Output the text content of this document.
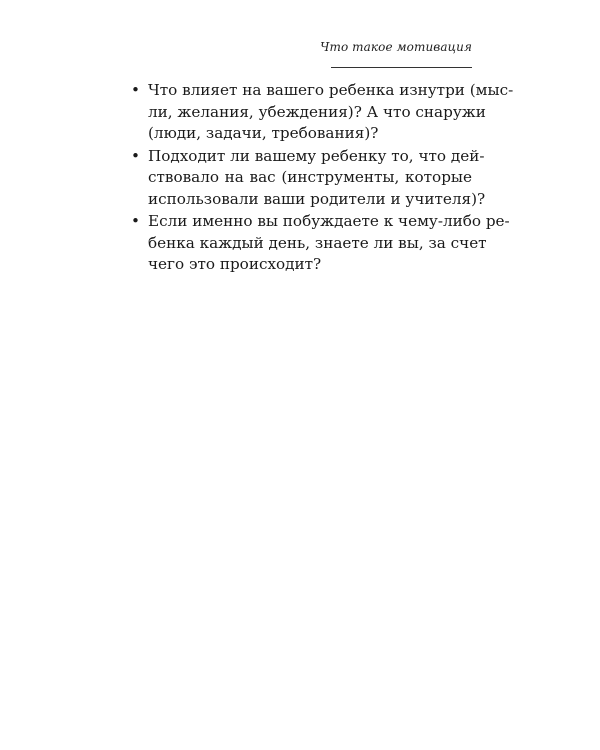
Что такое мотивация
• Что влияет на вашего ребенка изнутри (мыс-
ли, желания, убеждения)? А что снаружи
(люди, задачи, требования)?
• Подходит ли вашему ребенку то, что дей-
ствовало на вас (инструменты, которые
использовали ваши родители и учителя)?
• Если именно вы побуждаете к чему-либо ре-
бенка каждый день, знаете ли вы, за счет
чего это происходит?
